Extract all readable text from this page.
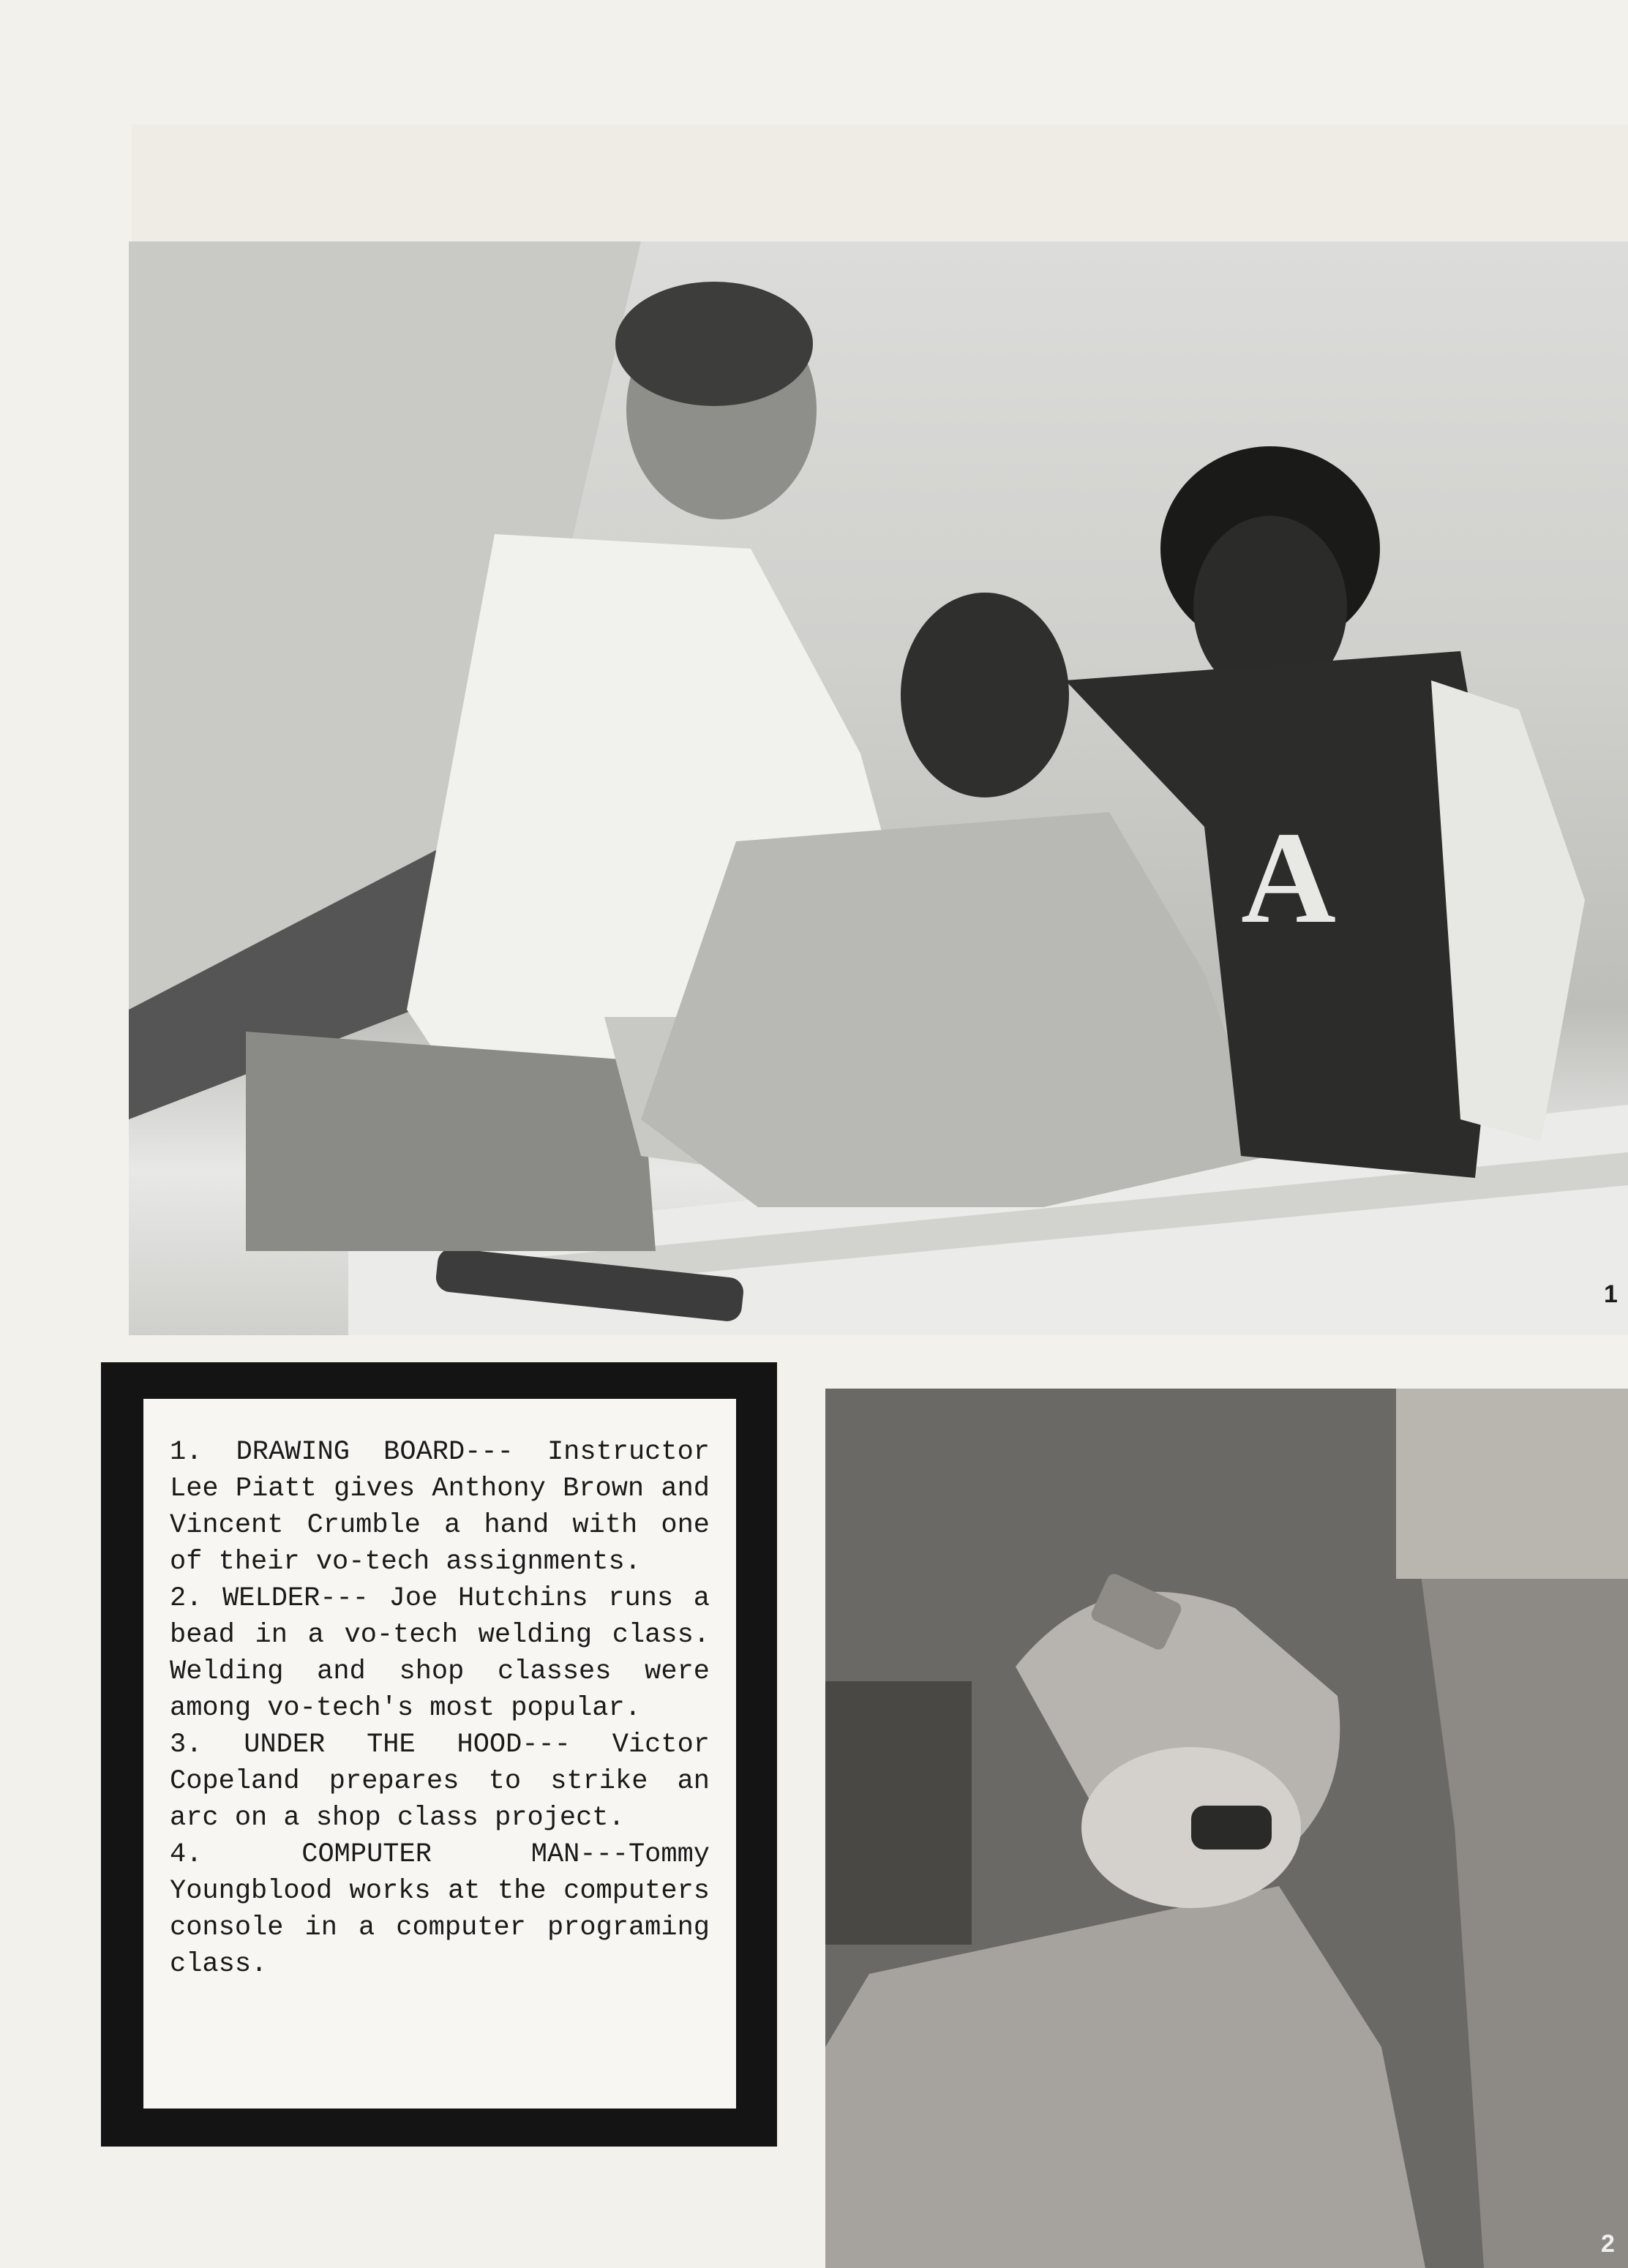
A
1

1. DRAWING BOARD--- Instructor Lee Piatt gives Anthony Brown and Vincent Crumble a hand with one of their vo-tech assignments.

2. WELDER--- Joe Hutchins runs a bead in a vo-tech welding class. Welding and shop classes were among vo-tech's most popular.

3. UNDER THE HOOD--- Victor Copeland prepares to strike an arc on a shop class project.

4. COMPUTER MAN---Tommy Youngblood works at the computers console in a computer programing class.

2
